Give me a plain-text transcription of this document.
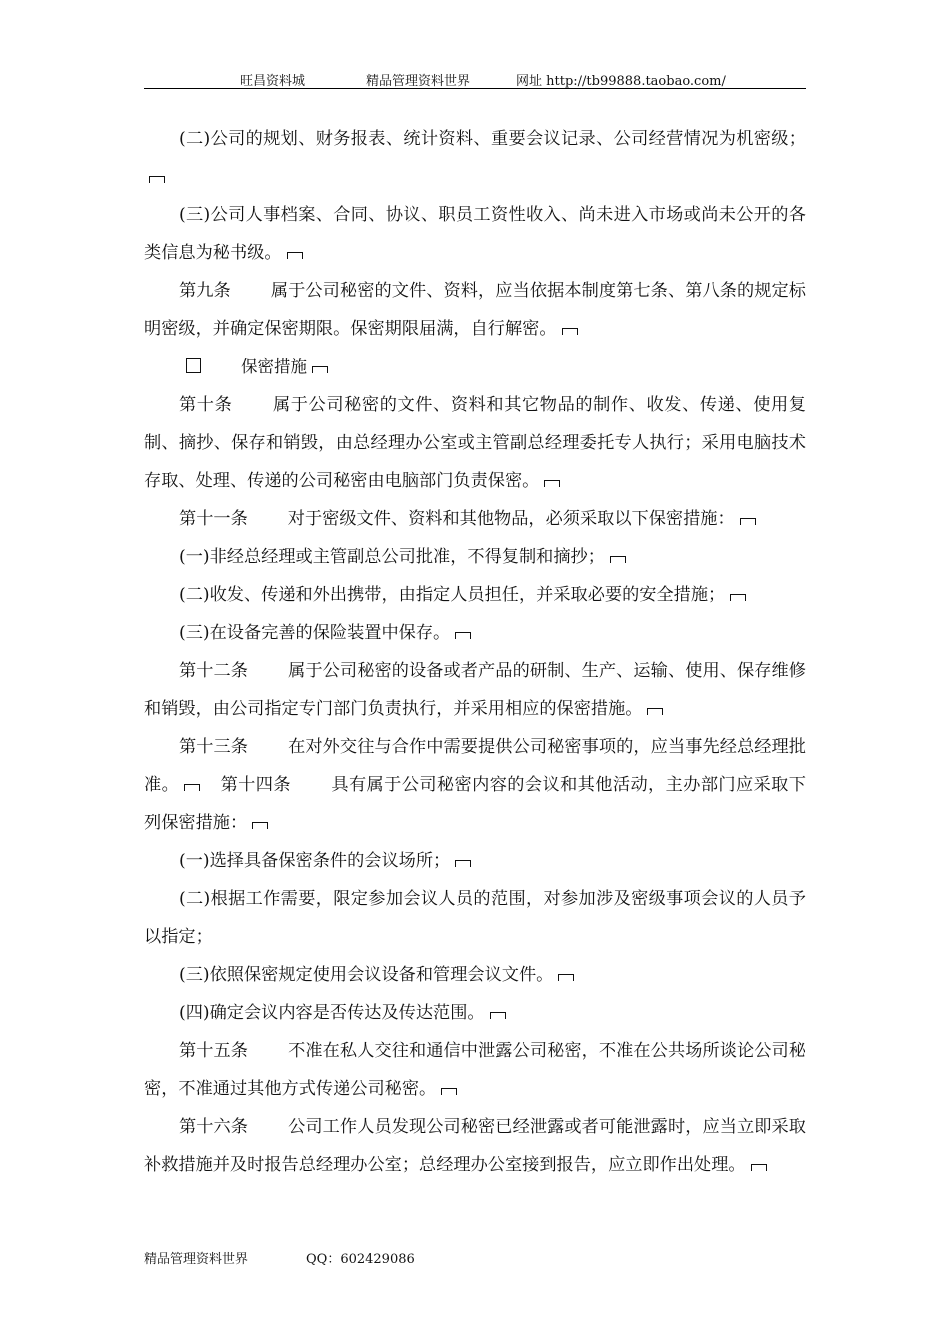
旺昌资料城	精品管理资料世界	网址 http://tb99888.taobao.com/

(二)公司的规划、财务报表、统计资料、重要会议记录、公司经营情况为机密级；

(三)公司人事档案、合同、协议、职员工资性收入、尚未进入市场或尚未公开的各类信息为秘书级。

第九条 属于公司秘密的文件、资料，应当依据本制度第七条、第八条的规定标明密级，并确定保密期限。保密期限届满，自行解密。

保密措施

第十条 属于公司秘密的文件、资料和其它物品的制作、收发、传递、使用复制、摘抄、保存和销毁，由总经理办公室或主管副总经理委托专人执行；采用电脑技术存取、处理、传递的公司秘密由电脑部门负责保密。

第十一条 对于密级文件、资料和其他物品，必须采取以下保密措施：

(一)非经总经理或主管副总公司批准，不得复制和摘抄；

(二)收发、传递和外出携带，由指定人员担任，并采取必要的安全措施；

(三)在设备完善的保险装置中保存。

第十二条 属于公司秘密的设备或者产品的研制、生产、运输、使用、保存维修和销毁，由公司指定专门部门负责执行，并采用相应的保密措施。

第十三条 在对外交往与合作中需要提供公司秘密事项的，应当事先经总经理批准。 第十四条 具有属于公司秘密内容的会议和其他活动，主办部门应采取下列保密措施：

(一)选择具备保密条件的会议场所；

(二)根据工作需要，限定参加会议人员的范围，对参加涉及密级事项会议的人员予以指定；

(三)依照保密规定使用会议设备和管理会议文件。

(四)确定会议内容是否传达及传达范围。

第十五条 不准在私人交往和通信中泄露公司秘密，不准在公共场所谈论公司秘密，不准通过其他方式传递公司秘密。

第十六条 公司工作人员发现公司秘密已经泄露或者可能泄露时，应当立即采取补救措施并及时报告总经理办公室；总经理办公室接到报告，应立即作出处理。

精品管理资料世界	QQ：602429086
